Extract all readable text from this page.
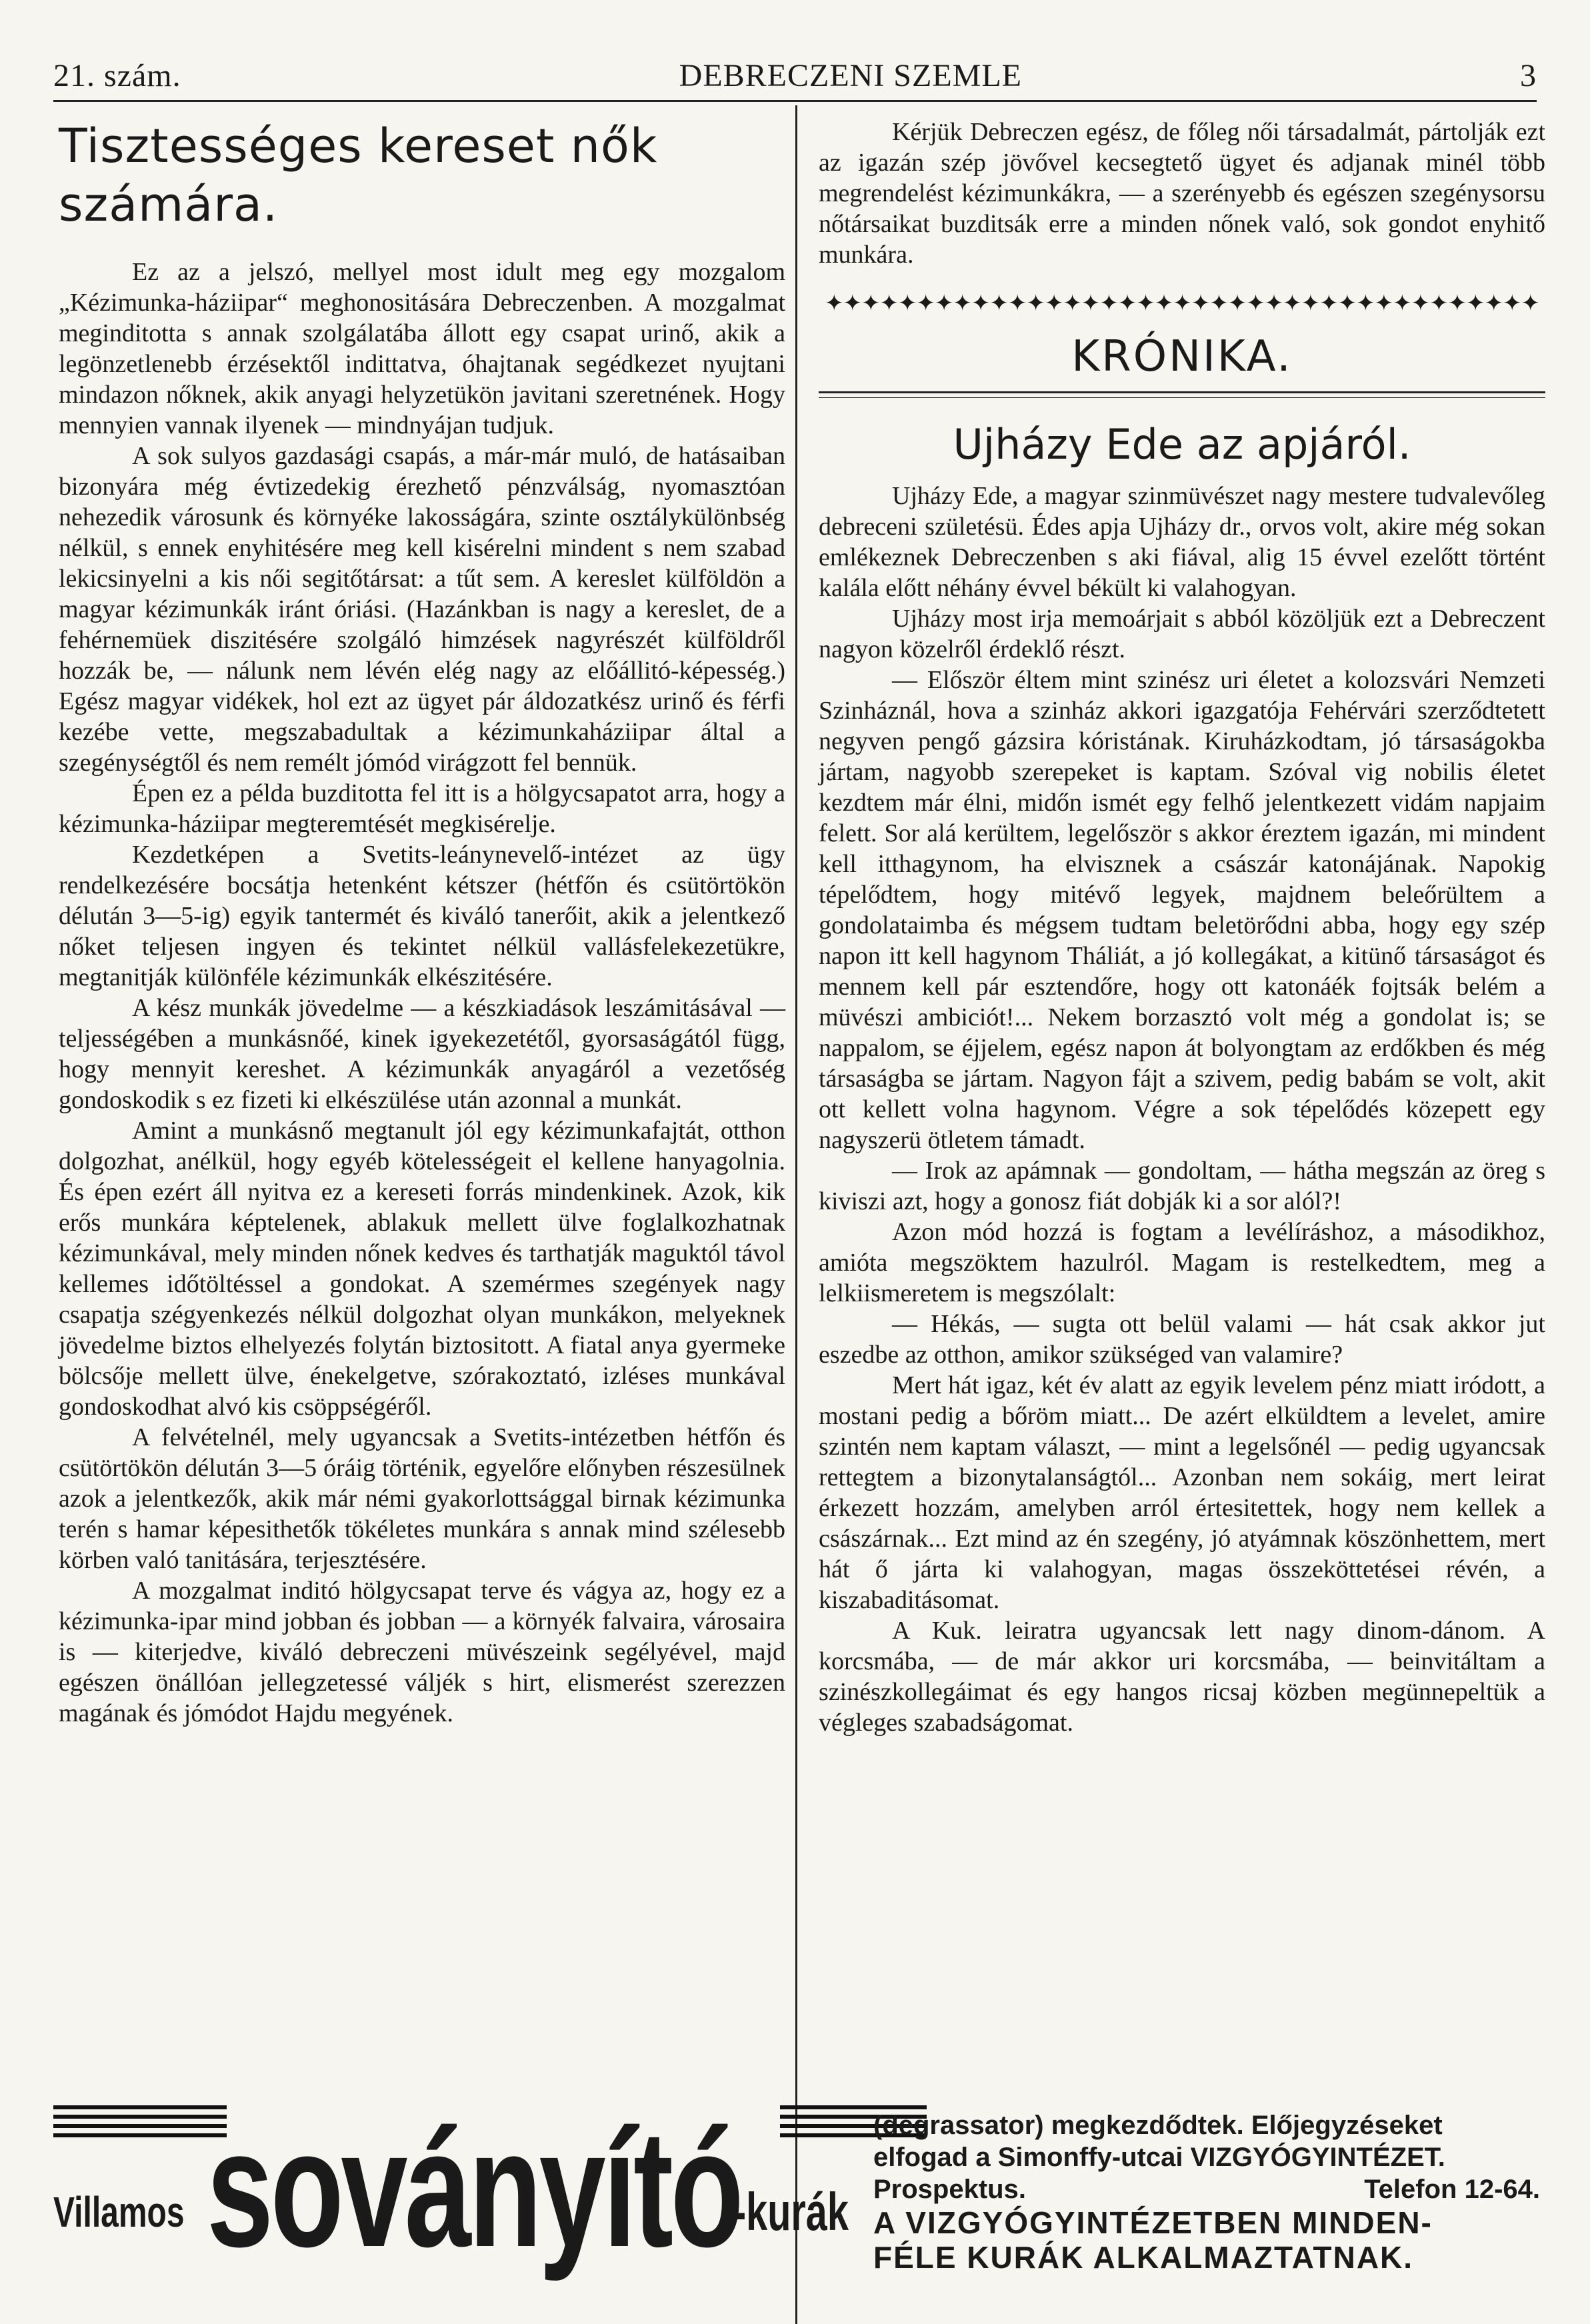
21. szám.	DEBRECZENI SZEMLE	3
Tisztességes kereset nők számára.

Ez az a jelszó, mellyel most idult meg egy mozgalom „Kézimunka-háziipar“ meghonositására Debreczenben. A mozgalmat meginditotta s annak szolgálatába állott egy csapat urinő, akik a legönzetlenebb érzésektől indittatva, óhajtanak segédkezet nyujtani mindazon nőknek, akik anyagi helyzetükön javitani szeretnének. Hogy mennyien vannak ilyenek — mindnyájan tudjuk.

A sok sulyos gazdasági csapás, a már-már muló, de hatásaiban bizonyára még évtizedekig érezhető pénzválság, nyomasztóan nehezedik városunk és környéke lakosságára, szinte osztálykülönbség nélkül, s ennek enyhitésére meg kell kisérelni mindent s nem szabad lekicsinyelni a kis női segitőtársat: a tűt sem. A kereslet külföldön a magyar kézimunkák iránt óriási. (Hazánkban is nagy a kereslet, de a fehérnemüek diszitésére szolgáló himzések nagyrészét külföldről hozzák be, — nálunk nem lévén elég nagy az előállitó-képesség.) Egész magyar vidékek, hol ezt az ügyet pár áldozatkész urinő és férfi kezébe vette, megszabadultak a kézimunkaháziipar által a szegénységtől és nem remélt jómód virágzott fel bennük.

Épen ez a példa buzditotta fel itt is a hölgycsapatot arra, hogy a kézimunka-háziipar megteremtését megkisérelje.

Kezdetképen a Svetits-leánynevelő-intézet az ügy rendelkezésére bocsátja hetenként kétszer (hétfőn és csütörtökön délután 3—5-ig) egyik tantermét és kiváló tanerőit, akik a jelentkező nőket teljesen ingyen és tekintet nélkül vallásfelekezetükre, megtanitják különféle kézimunkák elkészitésére.

A kész munkák jövedelme — a készkiadások leszámitásával — teljességében a munkásnőé, kinek igyekezetétől, gyorsaságától függ, hogy mennyit kereshet. A kézimunkák anyagáról a vezetőség gondoskodik s ez fizeti ki elkészülése után azonnal a munkát.

Amint a munkásnő megtanult jól egy kézimunkafajtát, otthon dolgozhat, anélkül, hogy egyéb kötelességeit el kellene hanyagolnia. És épen ezért áll nyitva ez a kereseti forrás mindenkinek. Azok, kik erős munkára képtelenek, ablakuk mellett ülve foglalkozhatnak kézimunkával, mely minden nőnek kedves és tarthatják maguktól távol kellemes időtöltéssel a gondokat. A szemérmes szegények nagy csapatja szégyenkezés nélkül dolgozhat olyan munkákon, melyeknek jövedelme biztos elhelyezés folytán biztositott. A fiatal anya gyermeke bölcsője mellett ülve, énekelgetve, szórakoztató, izléses munkával gondoskodhat alvó kis csöppségéről.

A felvételnél, mely ugyancsak a Svetits-intézetben hétfőn és csütörtökön délután 3—5 óráig történik, egyelőre előnyben részesülnek azok a jelentkezők, akik már némi gyakorlottsággal birnak kézimunka terén s hamar képesithetők tökéletes munkára s annak mind szélesebb körben való tanitására, terjesztésére.

A mozgalmat inditó hölgycsapat terve és vágya az, hogy ez a kézimunka-ipar mind jobban és jobban — a környék falvaira, városaira is — kiterjedve, kiváló debreczeni müvészeink segélyével, majd egészen önállóan jellegzetessé váljék s hirt, elismerést szerezzen magának és jómódot Hajdu megyének.

Kérjük Debreczen egész, de főleg női társadalmát, pártolják ezt az igazán szép jövővel kecsegtető ügyet és adjanak minél több megrendelést kézimunkákra, — a szerényebb és egészen szegénysorsu nőtársaikat buzditsák erre a minden nőnek való, sok gondot enyhitő munkára.

✦✦✦✦✦✦✦✦✦✦✦✦✦✦✦✦✦✦✦✦✦✦✦✦✦✦✦✦✦✦✦✦✦✦✦✦✦✦✦
KRÓNIKA.
Ujházy Ede az apjáról.

Ujházy Ede, a magyar szinmüvészet nagy mestere tudvalevőleg debreceni születésü. Édes apja Ujházy dr., orvos volt, akire még sokan emlékeznek Debreczenben s aki fiával, alig 15 évvel ezelőtt történt kalála előtt néhány évvel békült ki valahogyan.

Ujházy most irja memoárjait s abból közöljük ezt a Debreczent nagyon közelről érdeklő részt.

— Először éltem mint szinész uri életet a kolozsvári Nemzeti Szinháznál, hova a szinház akkori igazgatója Fehérvári szerződtetett negyven pengő gázsira kóristának. Kiruházkodtam, jó társaságokba jártam, nagyobb szerepeket is kaptam. Szóval vig nobilis életet kezdtem már élni, midőn ismét egy felhő jelentkezett vidám napjaim felett. Sor alá kerültem, legelőször s akkor éreztem igazán, mi mindent kell itthagynom, ha elvisznek a császár katonájának. Napokig tépelődtem, hogy mitévő legyek, majdnem beleőrültem a gondolataimba és mégsem tudtam beletörődni abba, hogy egy szép napon itt kell hagynom Tháliát, a jó kollegákat, a kitünő társaságot és mennem kell pár esztendőre, hogy ott katonáék fojtsák belém a müvészi ambiciót!... Nekem borzasztó volt még a gondolat is; se nappalom, se éjjelem, egész napon át bolyongtam az erdőkben és még társaságba se jártam. Nagyon fájt a szivem, pedig babám se volt, akit ott kellett volna hagynom. Végre a sok tépelődés közepett egy nagyszerü ötletem támadt.

— Irok az apámnak — gondoltam, — hátha megszán az öreg s kiviszi azt, hogy a gonosz fiát dobják ki a sor alól?!

Azon mód hozzá is fogtam a levélíráshoz, a másodikhoz, amióta megszöktem hazulról. Magam is restelkedtem, meg a lelkiismeretem is megszólalt:

— Hékás, — sugta ott belül valami — hát csak akkor jut eszedbe az otthon, amikor szükséged van valamire?

Mert hát igaz, két év alatt az egyik levelem pénz miatt iródott, a mostani pedig a bőröm miatt... De azért elküldtem a levelet, amire szintén nem kaptam választ, — mint a legelsőnél — pedig ugyancsak rettegtem a bizonytalanságtól... Azonban nem sokáig, mert leirat érkezett hozzám, amelyben arról értesitettek, hogy nem kellek a császárnak... Ezt mind az én szegény, jó atyámnak köszönhettem, mert hát ő járta ki valahogyan, magas összeköttetései révén, a kiszabaditásomat.

A Kuk. leiratra ugyancsak lett nagy dinom-dánom. A korcsmába, — de már akkor uri korcsmába, — beinvitáltam a szinészkollegáimat és egy hangos ricsaj közben megünnepeltük a végleges szabadságomat.

Villamos soványító
-kurák
(degrassator) megkezdődtek. Előjegyzéseket
elfogad a Simonffy-utcai VIZGYÓGYINTÉZET.
Prospektus.	Telefon 12-64.
A VIZGYÓGYINTÉZETBEN MINDEN-
FÉLE KURÁK ALKALMAZTATNAK.
